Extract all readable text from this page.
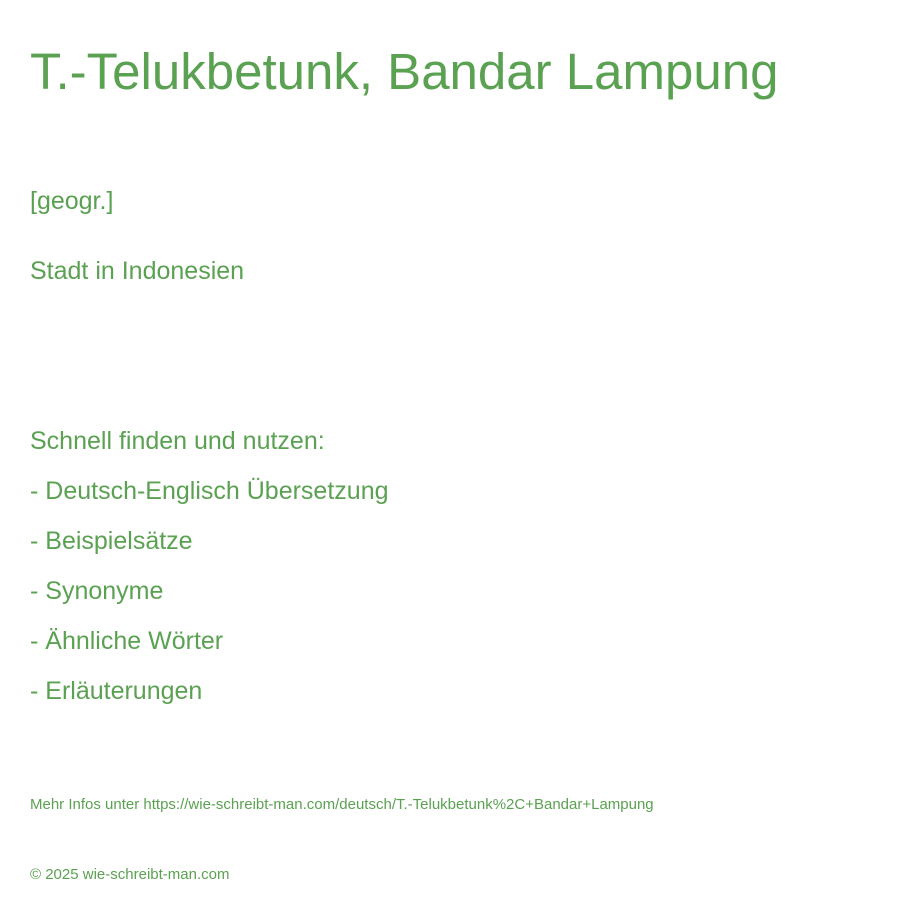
T.-Telukbetunk, Bandar Lampung

[geogr.]

Stadt in Indonesien

Schnell finden und nutzen:

- Deutsch-Englisch Übersetzung
- Beispielsätze
- Synonyme
- Ähnliche Wörter
- Erläuterungen

Mehr Infos unter https://wie-schreibt-man.com/deutsch/T.-Telukbetunk%2C+Bandar+Lampung

© 2025 wie-schreibt-man.com
